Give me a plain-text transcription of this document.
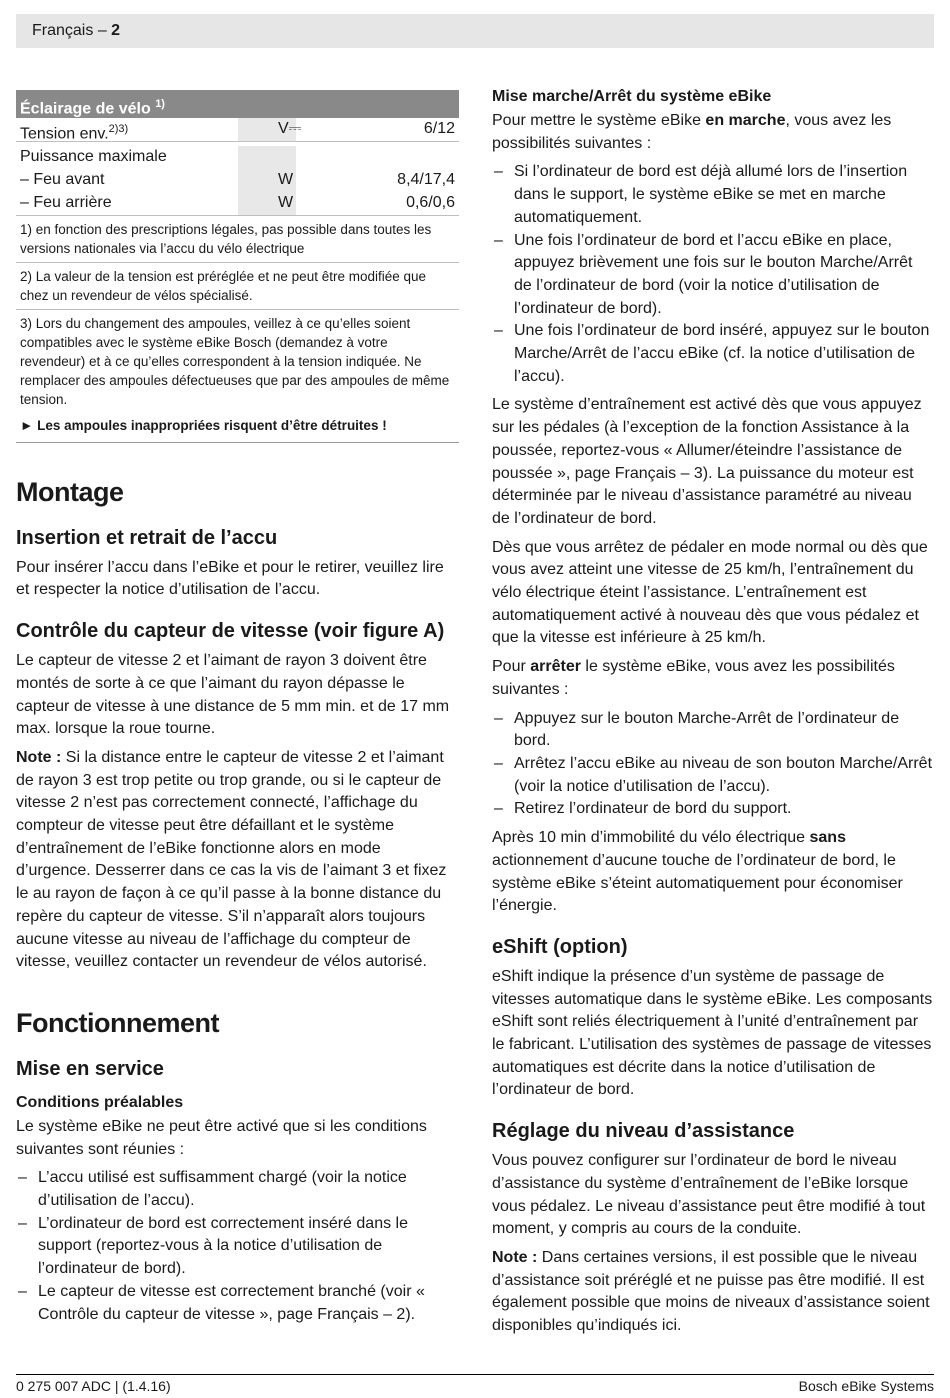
Français – 2
Éclairage de vélo $^{1)}$
Tension env.$^{2)3)}$	V⎓	6/12
Puissance maximale
– Feu avant	W	8,4/17,4
– Feu arrière	W	0,6/0,6
1) en fonction des prescriptions légales, pas possible dans toutes les versions nationales via l’accu du vélo électrique
2) La valeur de la tension est préréglée et ne peut être modifiée que chez un revendeur de vélos spécialisé.
3) Lors du changement des ampoules, veillez à ce qu’elles soient compatibles avec le système eBike Bosch (demandez à votre revendeur) et à ce qu’elles correspondent à la tension indiquée. Ne remplacer des ampoules défectueuses que par des ampoules de même tension.
► Les ampoules inappropriées risquent d’être détruites !
Montage
Insertion et retrait de l’accu

Pour insérer l’accu dans l’eBike et pour le retirer, veuillez lire et respecter la notice d’utilisation de l’accu.

Contrôle du capteur de vitesse (voir figure A)

Le capteur de vitesse 2 et l’aimant de rayon 3 doivent être montés de sorte à ce que l’aimant du rayon dépasse le capteur de vitesse à une distance de 5 mm min. et de 17 mm max. lorsque la roue tourne.

Note : Si la distance entre le capteur de vitesse 2 et l’aimant de rayon 3 est trop petite ou trop grande, ou si le capteur de vitesse 2 n’est pas correctement connecté, l’affichage du compteur de vitesse peut être défaillant et le système d’entraînement de l’eBike fonctionne alors en mode d’urgence. Desserrer dans ce cas la vis de l’aimant 3 et fixez le au rayon de façon à ce qu’il passe à la bonne distance du repère du capteur de vitesse. S’il n’apparaît alors toujours aucune vitesse au niveau de l’affichage du compteur de vitesse, veuillez contacter un revendeur de vélos autorisé.

Fonctionnement
Mise en service
Conditions préalables

Le système eBike ne peut être activé que si les conditions suivantes sont réunies :

– L’accu utilisé est suffisamment chargé (voir la notice d’utilisation de l’accu).
– L’ordinateur de bord est correctement inséré dans le support (reportez-vous à la notice d’utilisation de l’ordinateur de bord).
– Le capteur de vitesse est correctement branché (voir « Contrôle du capteur de vitesse », page Français – 2).
Mise marche/Arrêt du système eBike

Pour mettre le système eBike en marche, vous avez les possibilités suivantes :

– Si l’ordinateur de bord est déjà allumé lors de l’insertion dans le support, le système eBike se met en marche automatiquement.
– Une fois l’ordinateur de bord et l’accu eBike en place, appuyez brièvement une fois sur le bouton Marche/Arrêt de l’ordinateur de bord (voir la notice d’utilisation de l’ordinateur de bord).
– Une fois l’ordinateur de bord inséré, appuyez sur le bouton Marche/Arrêt de l’accu eBike (cf. la notice d’utilisation de l’accu).

Le système d’entraînement est activé dès que vous appuyez sur les pédales (à l’exception de la fonction Assistance à la poussée, reportez-vous « Allumer/éteindre l’assistance de poussée », page Français – 3). La puissance du moteur est déterminée par le niveau d’assistance paramétré au niveau de l’ordinateur de bord.

Dès que vous arrêtez de pédaler en mode normal ou dès que vous avez atteint une vitesse de 25 km/h, l’entraînement du vélo électrique éteint l’assistance. L’entraînement est automatiquement activé à nouveau dès que vous pédalez et que la vitesse est inférieure à 25 km/h.

Pour arrêter le système eBike, vous avez les possibilités suivantes :

– Appuyez sur le bouton Marche-Arrêt de l’ordinateur de bord.
– Arrêtez l’accu eBike au niveau de son bouton Marche/Arrêt (voir la notice d’utilisation de l’accu).
– Retirez l’ordinateur de bord du support.

Après 10 min d’immobilité du vélo électrique sans actionnement d’aucune touche de l’ordinateur de bord, le système eBike s’éteint automatiquement pour économiser l’énergie.

eShift (option)

eShift indique la présence d’un système de passage de vitesses automatique dans le système eBike. Les composants eShift sont reliés électriquement à l’unité d’entraînement par le fabricant. L’utilisation des systèmes de passage de vitesses automatiques est décrite dans la notice d’utilisation de l’ordinateur de bord.

Réglage du niveau d’assistance

Vous pouvez configurer sur l’ordinateur de bord le niveau d’assistance du système d’entraînement de l’eBike lorsque vous pédalez. Le niveau d’assistance peut être modifié à tout moment, y compris au cours de la conduite.

Note : Dans certaines versions, il est possible que le niveau d’assistance soit préréglé et ne puisse pas être modifié. Il est également possible que moins de niveaux d’assistance soient disponibles qu’indiqués ici.

0 275 007 ADC | (1.4.16)	Bosch eBike Systems
